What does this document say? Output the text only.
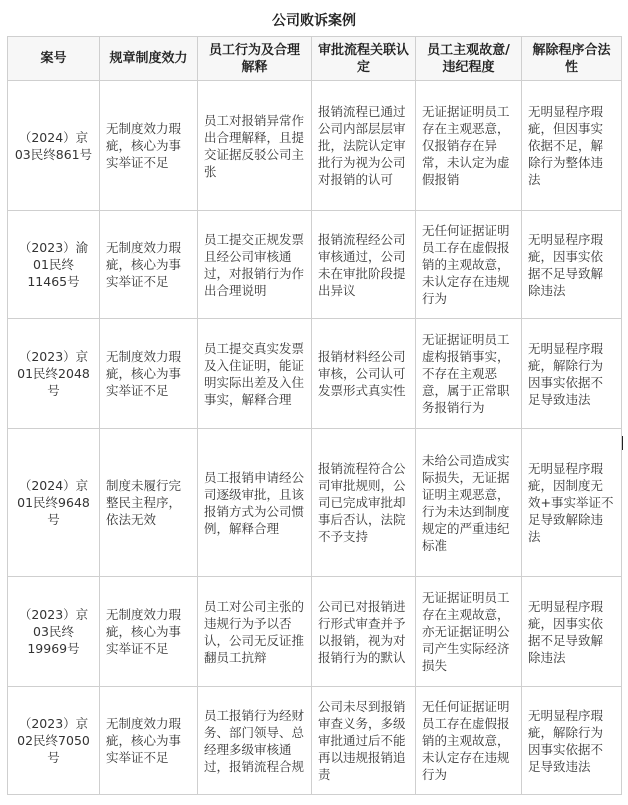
公司败诉案例
案号	规章制度效力	员工行为及合理解释	审批流程关联认定	员工主观故意/违纪程度	解除程序合法性
（2024）京03民终861号	无制度效力瑕疵，核心为事实举证不足	员工对报销异常作出合理解释，且提交证据反驳公司主张	报销流程已通过公司内部层层审批，法院认定审批行为视为公司对报销的认可	无证据证明员工存在主观恶意，仅报销存在异常，未认定为虚假报销	无明显程序瑕疵，但因事实依据不足，解除行为整体违法
（2023）渝01民终11465号	无制度效力瑕疵，核心为事实举证不足	员工提交正规发票且经公司审核通过，对报销行为作出合理说明	报销流程经公司审核通过，公司未在审批阶段提出异议	无任何证据证明员工存在虚假报销的主观故意，未认定存在违规行为	无明显程序瑕疵，因事实依据不足导致解除违法
（2023）京01民终2048号	无制度效力瑕疵，核心为事实举证不足	员工提交真实发票及入住证明，能证明实际出差及入住事实，解释合理	报销材料经公司审核，公司认可发票形式真实性	无证据证明员工虚构报销事实，不存在主观恶意，属于正常职务报销行为	无明显程序瑕疵，解除行为因事实依据不足导致违法
（2024）京01民终9648号	制度未履行完整民主程序，依法无效	员工报销申请经公司逐级审批，且该报销方式为公司惯例，解释合理	报销流程符合公司审批规则，公司已完成审批却事后否认，法院不予支持	未给公司造成实际损失，无证据证明主观恶意，行为未达到制度规定的严重违纪标准	无明显程序瑕疵，因制度无效+事实举证不足导致解除违法
（2023）京03民终19969号	无制度效力瑕疵，核心为事实举证不足	员工对公司主张的违规行为予以否认，公司无反证推翻员工抗辩	公司已对报销进行形式审查并予以报销，视为对报销行为的默认	无证据证明员工存在主观故意，亦无证据证明公司产生实际经济损失	无明显程序瑕疵，因事实依据不足导致解除违法
（2023）京02民终7050号	无制度效力瑕疵，核心为事实举证不足	员工报销行为经财务、部门领导、总经理多级审核通过，报销流程合规	公司未尽到报销审查义务，多级审批通过后不能再以违规报销追责	无任何证据证明员工存在虚假报销的主观故意，未认定存在违规行为	无明显程序瑕疵，解除行为因事实依据不足导致违法
